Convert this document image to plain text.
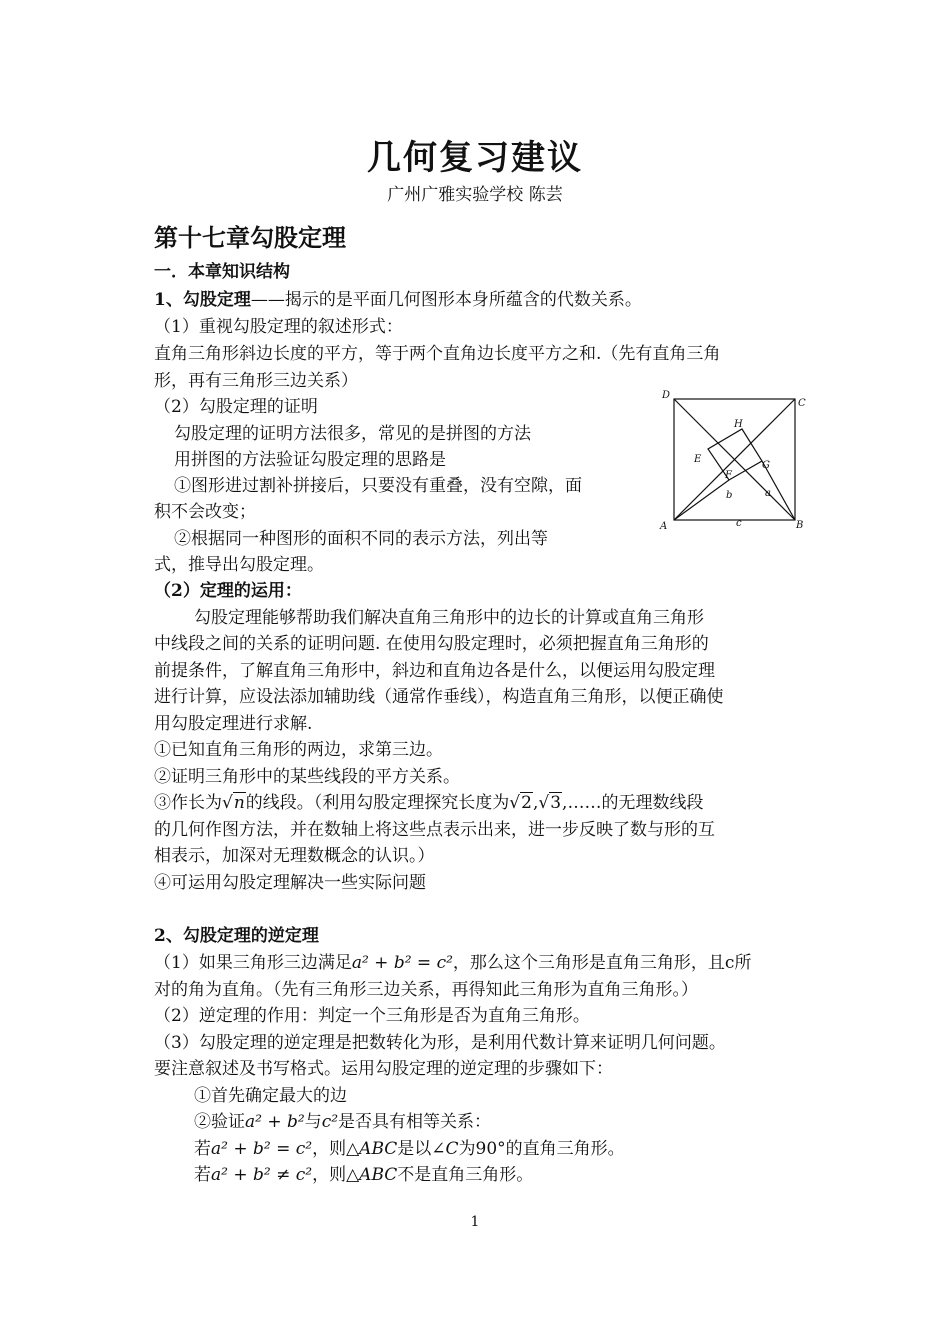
几何复习建议
广州广雅实验学校 陈芸
第十七章勾股定理
一．本章知识结构
1、勾股定理——揭示的是平面几何图形本身所蕴含的代数关系。
（1）重视勾股定理的叙述形式：
直角三角形斜边长度的平方，等于两个直角边长度平方之和.（先有直角三角
形，再有三角形三边关系）
（2）勾股定理的证明
勾股定理的证明方法很多，常见的是拼图的方法
用拼图的方法验证勾股定理的思路是
①图形进过割补拼接后，只要没有重叠，没有空隙，面
积不会改变；
②根据同一种图形的面积不同的表示方法，列出等
式，推导出勾股定理。
D
C
A	B
H
E
F
G
b	a
c
（2）定理的运用：
勾股定理能够帮助我们解决直角三角形中的边长的计算或直角三角形
中线段之间的关系的证明问题. 在使用勾股定理时，必须把握直角三角形的
前提条件，了解直角三角形中，斜边和直角边各是什么，以便运用勾股定理
进行计算，应设法添加辅助线（通常作垂线），构造直角三角形，以便正确使
用勾股定理进行求解.
①已知直角三角形的两边，求第三边。
②证明三角形中的某些线段的平方关系。
③作长为√n的线段。（利用勾股定理探究长度为√2,√3,……的无理数线段
的几何作图方法，并在数轴上将这些点表示出来，进一步反映了数与形的互
相表示，加深对无理数概念的认识。）
④可运用勾股定理解决一些实际问题
2、勾股定理的逆定理
（1）如果三角形三边满足a² + b² = c²，那么这个三角形是直角三角形，且c所
对的角为直角。（先有三角形三边关系，再得知此三角形为直角三角形。）
（2）逆定理的作用：判定一个三角形是否为直角三角形。
（3）勾股定理的逆定理是把数转化为形，是利用代数计算来证明几何问题。
要注意叙述及书写格式。运用勾股定理的逆定理的步骤如下：
①首先确定最大的边
②验证a² + b²与c²是否具有相等关系：
若a² + b² = c²，则△ABC是以∠C为90°的直角三角形。
若a² + b² ≠ c²，则△ABC不是直角三角形。
1
